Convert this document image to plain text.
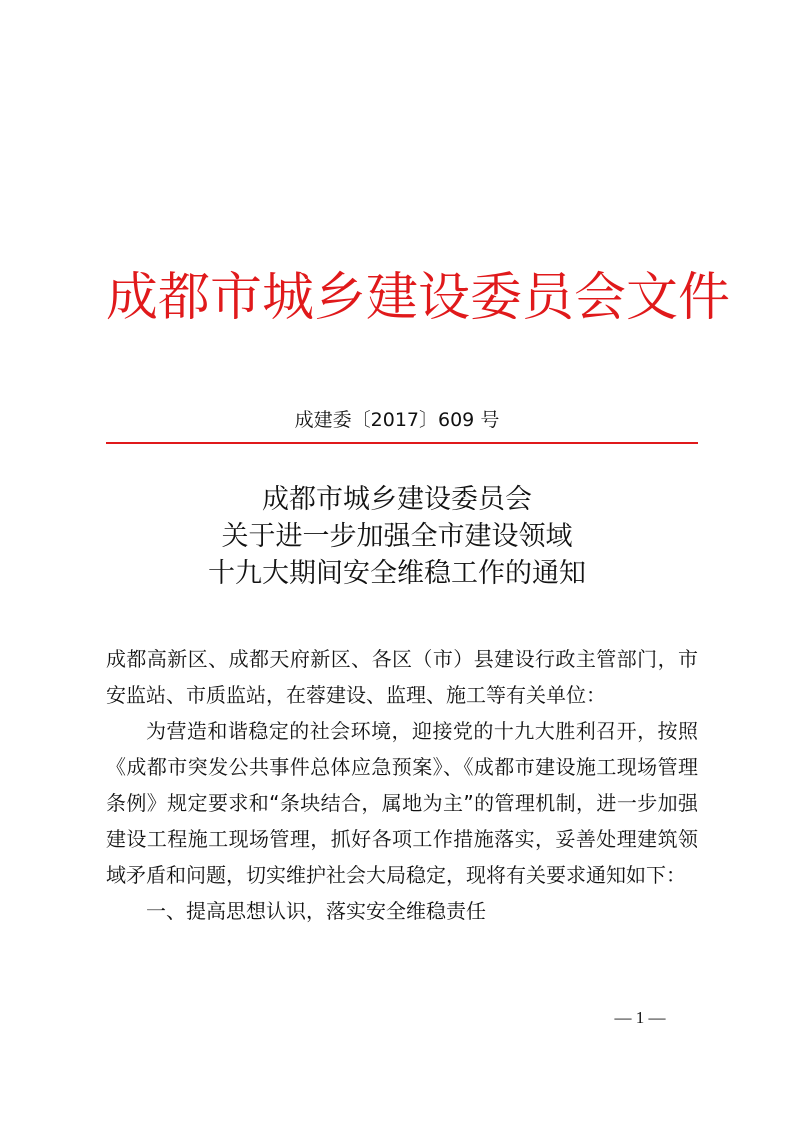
成都市城乡建设委员会文件
成建委〔2017〕609 号
成都市城乡建设委员会
关于进一步加强全市建设领域
十九大期间安全维稳工作的通知

成都高新区、成都天府新区、各区（市）县建设行政主管部门，市安监站、市质监站，在蓉建设、监理、施工等有关单位：

为营造和谐稳定的社会环境，迎接党的十九大胜利召开，按照《成都市突发公共事件总体应急预案》、《成都市建设施工现场管理条例》规定要求和“条块结合，属地为主”的管理机制，进一步加强建设工程施工现场管理，抓好各项工作措施落实，妥善处理建筑领域矛盾和问题，切实维护社会大局稳定，现将有关要求通知如下：

一、提高思想认识，落实安全维稳责任

— 1 —
